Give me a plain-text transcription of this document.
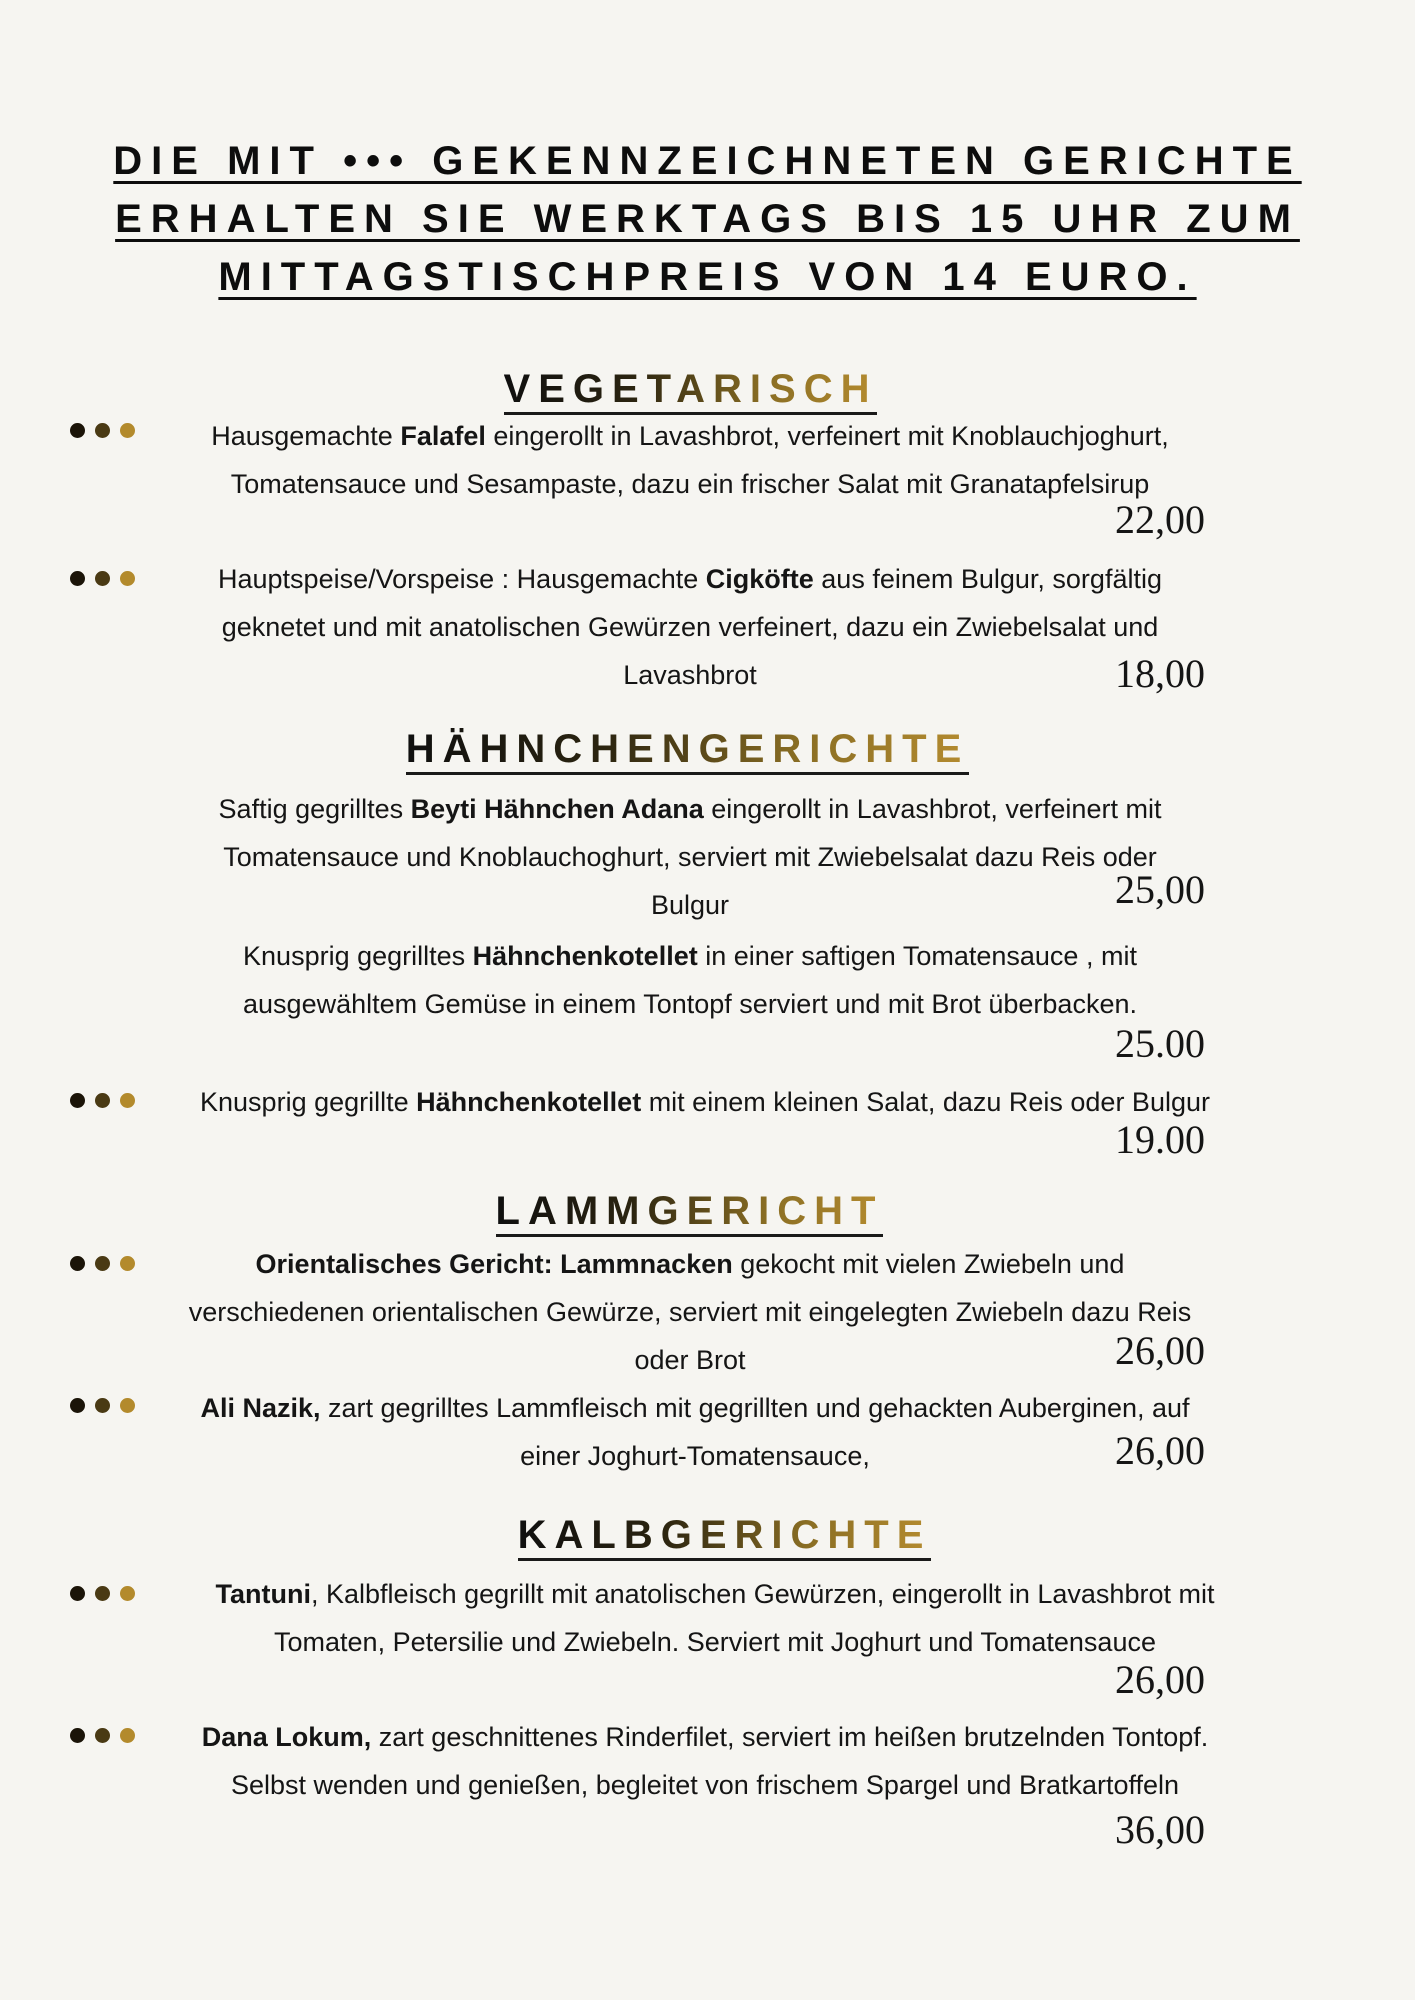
DIE MIT ••• GEKENNZEICHNETEN GERICHTE
ERHALTEN SIE WERKTAGS BIS 15 UHR ZUM
MITTAGSTISCHPREIS VON 14 EURO.
VEGETARISCH
Hausgemachte Falafel eingerollt in Lavashbrot, verfeinert mit Knoblauchjoghurt,
Tomatensauce und Sesampaste, dazu ein frischer Salat mit Granatapfelsirup
22,00
Hauptspeise/Vorspeise : Hausgemachte Cigköfte aus feinem Bulgur, sorgfältig
geknetet und mit anatolischen Gewürzen verfeinert, dazu ein Zwiebelsalat und
Lavashbrot	18,00
HÄHNCHENGERICHTE
Saftig gegrilltes Beyti Hähnchen Adana eingerollt in Lavashbrot, verfeinert mit
Tomatensauce und Knoblauchoghurt, serviert mit Zwiebelsalat dazu Reis oder
Bulgur	25,00
Knusprig gegrilltes Hähnchenkotellet in einer saftigen Tomatensauce , mit
ausgewähltem Gemüse in einem Tontopf serviert und mit Brot überbacken.
25.00
Knusprig gegrillte Hähnchenkotellet mit einem kleinen Salat, dazu Reis oder Bulgur
19.00
LAMMGERICHT
Orientalisches Gericht: Lammnacken gekocht mit vielen Zwiebeln und
verschiedenen orientalischen Gewürze, serviert mit eingelegten Zwiebeln dazu Reis
oder Brot	26,00
Ali Nazik, zart gegrilltes Lammfleisch mit gegrillten und gehackten Auberginen, auf
einer Joghurt-Tomatensauce,	26,00
KALBGERICHTE
Tantuni, Kalbfleisch gegrillt mit anatolischen Gewürzen, eingerollt in Lavashbrot mit
Tomaten, Petersilie und Zwiebeln. Serviert mit Joghurt und Tomatensauce
26,00
Dana Lokum, zart geschnittenes Rinderfilet, serviert im heißen brutzelnden Tontopf.
Selbst wenden und genießen, begleitet von frischem Spargel und Bratkartoffeln
36,00
